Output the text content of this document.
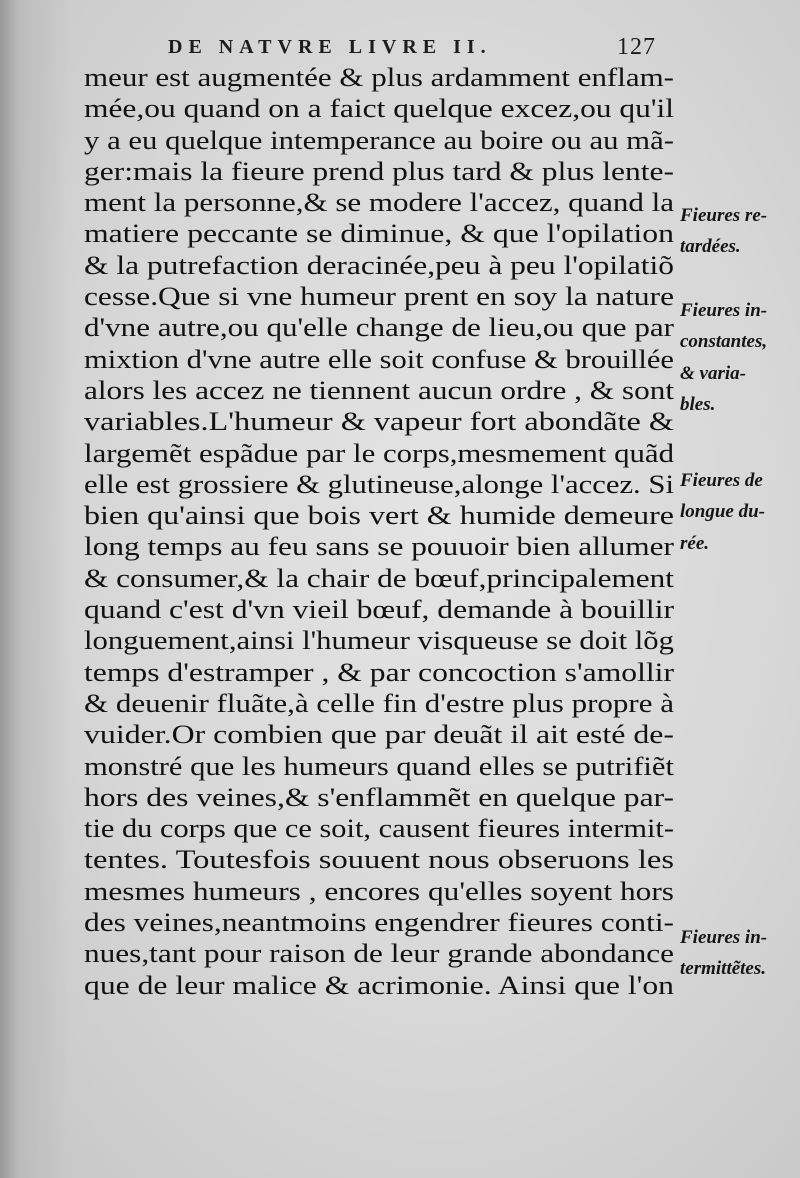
DE NATVRE LIVRE II.	127
meur est augmentée & plus ardamment enflam-
mée,ou quand on a faict quelque excez,ou qu'il
y a eu quelque intemperance au boire ou au mã-
ger:mais la fieure prend plus tard & plus lente-
ment la personne,& se modere l'accez, quand la
matiere peccante se diminue, & que l'opilation
& la putrefaction deracinée,peu à peu l'opilatiõ
cesse.Que si vne humeur prent en soy la nature
d'vne autre,ou qu'elle change de lieu,ou que par
mixtion d'vne autre elle soit confuse & brouillée
alors les accez ne tiennent aucun ordre , & sont
variables.L'humeur & vapeur fort abondãte &
largemẽt espãdue par le corps,mesmement quãd
elle est grossiere & glutineuse,alonge l'accez. Si
bien qu'ainsi que bois vert & humide demeure
long temps au feu sans se pouuoir bien allumer
& consumer,& la chair de bœuf,principalement
quand c'est d'vn vieil bœuf, demande à bouillir
longuement,ainsi l'humeur visqueuse se doit lõg
temps d'estramper , & par concoction s'amollir
& deuenir fluãte,à celle fin d'estre plus propre à
vuider.Or combien que par deuãt il ait esté de-
monstré que les humeurs quand elles se putrifiẽt
hors des veines,& s'enflammẽt en quelque par-
tie du corps que ce soit, causent fieures intermit-
tentes. Toutesfois souuent nous obseruons les
mesmes humeurs , encores qu'elles soyent hors
des veines,neantmoins engendrer fieures conti-
nues,tant pour raison de leur grande abondance
que de leur malice & acrimonie. Ainsi que l'on
Fieures re-
tardées.
Fieures in-
constantes,
& varia-
bles.
Fieures de
longue du-
rée.
Fieures in-
termittẽtes.
